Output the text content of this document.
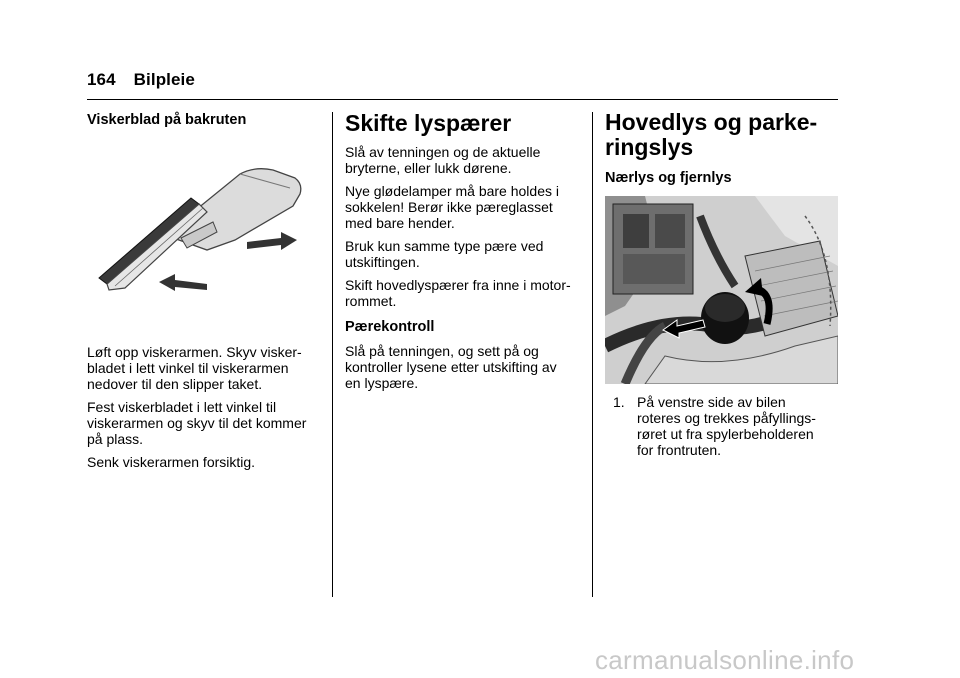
164 Bilpleie
Viskerblad på bakruten

Løft opp viskerarmen. Skyv visker-
bladet i lett vinkel til viskerarmen
nedover til den slipper taket.

Fest viskerbladet i lett vinkel til
viskerarmen og skyv til det kommer
på plass.

Senk viskerarmen forsiktig.

Skifte lyspærer

Slå av tenningen og de aktuelle
bryterne, eller lukk dørene.

Nye glødelamper må bare holdes i
sokkelen! Berør ikke pæreglasset
med bare hender.

Bruk kun samme type pære ved
utskiftingen.

Skift hovedlyspærer fra inne i motor-
rommet.

Pærekontroll

Slå på tenningen, og sett på og
kontroller lysene etter utskifting av
en lyspære.

Hovedlys og parke-
ringslys
Nærlys og fjernlys
1. På venstre side av bilen
roteres og trekkes påfyllings-
røret ut fra spylerbeholderen
for frontruten.
carmanualsonline.info
